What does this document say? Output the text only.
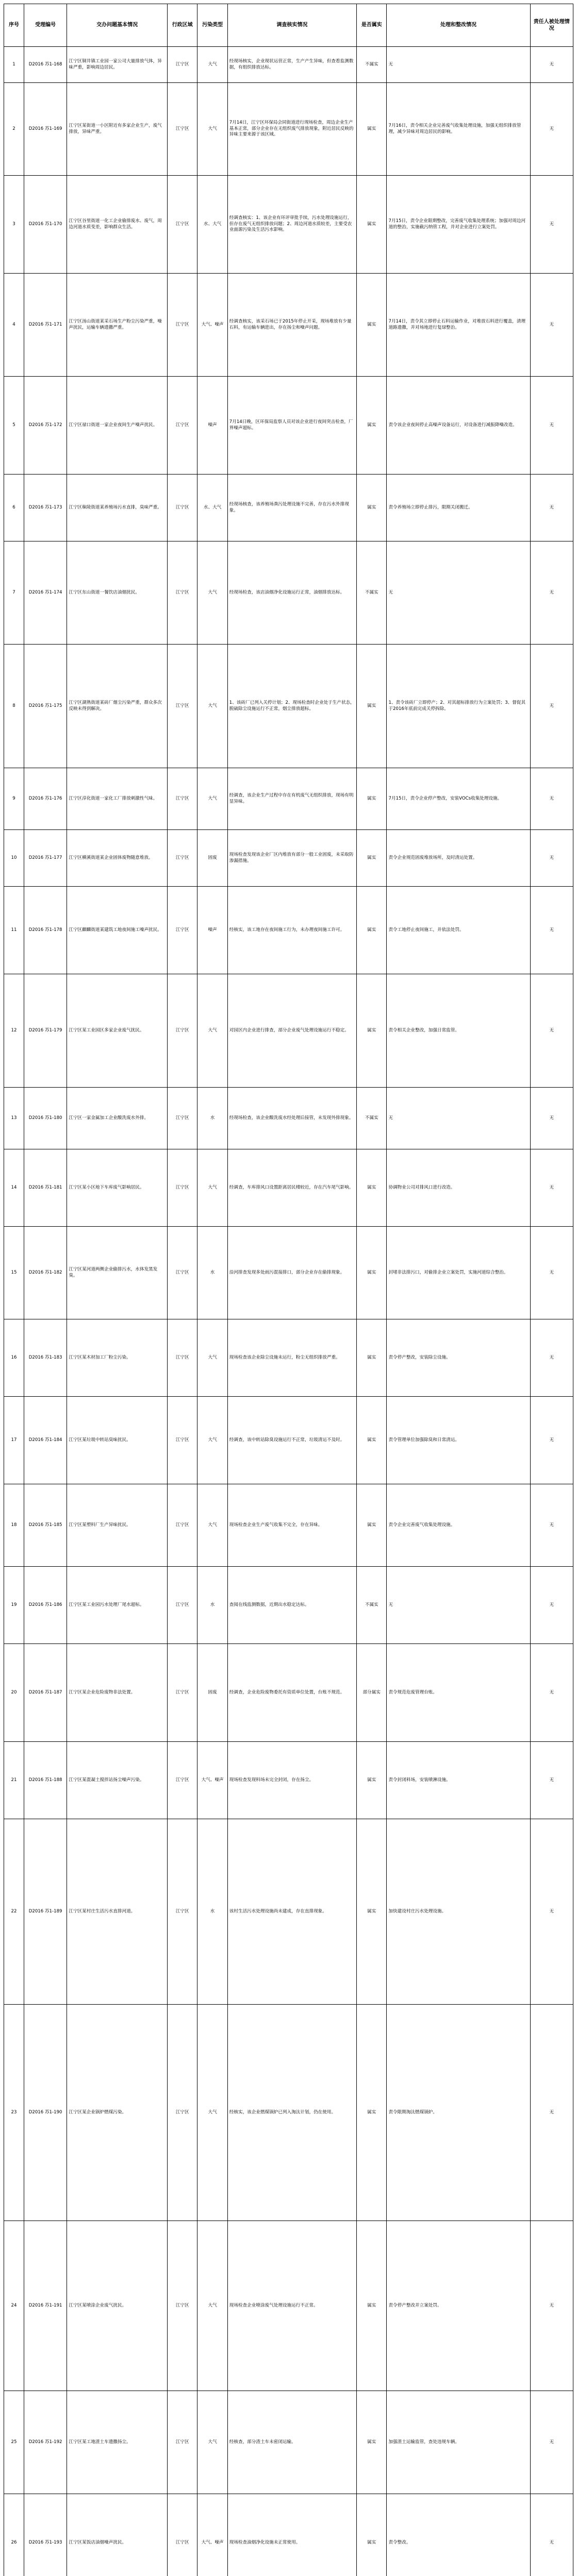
序号	受理编号	交办问题基本情况	行政区域	污染类型	调查核实情况	是否属实	处理和整改情况	责任人被处理情况
1	D2016 苏1-168	江宁区铜井镇工业园一家公司大量排放气体，异味严重，影响周边居民。	江宁区	大气	经现场核实，企业现状运营正常，生产产生异味，但查看监测数据，有组织排放达标。	不属实	无	无
2	D2016 苏1-169	江宁区某街道一小区附近有多家企业生产，废气排放，异味严重。	江宁区	大气	7月14日，江宁区环保局会同街道进行现场检查，周边企业生产基本正常，部分企业存在无组织废气排放现象，附近居民反映的异味主要来源于该区域。	属实	7月16日，责令相关企业完善废气收集处理设施，加强无组织排放管理，减少异味对周边居民的影响。	无
3	D2016 苏1-170	江宁区谷里街道一化工企业偷排废水、废气，周边河道水质变差，影响群众生活。	江宁区	水、大气	经调查核实：1、该企业有环评审批手续，污水处理设施运行，但存在废气无组织排放问题；2、周边河道水质较差，主要受农业面源污染及生活污水影响。	属实	7月15日，责令企业限期整改，完善废气收集处理系统；加强对周边河道的整治，实施截污纳管工程，并对企业进行立案处罚。	无
4	D2016 苏1-171	江宁区汤山街道某采石场生产粉尘污染严重，噪声扰民，运输车辆遗撒严重。	江宁区	大气、噪声	经调查核实，该采石场已于2015年停止开采，现场堆放有少量石料，有运输车辆进出，存在扬尘和噪声问题。	属实	7月14日，责令其立即停止石料运输作业，对堆放石料进行覆盖，清理道路遗撒，并对场地进行复绿整治。	无
5	D2016 苏1-172	江宁区禄口街道一家企业夜间生产噪声扰民。	江宁区	噪声	7月14日晚，区环保局监察人员对该企业进行夜间突击检查，厂界噪声超标。	属实	责令该企业夜间停止高噪声设备运行，对设备进行减振降噪改造。	无
6	D2016 苏1-173	江宁区秣陵街道某养殖场污水直排，臭味严重。	江宁区	水、大气	经现场核查，该养殖场粪污处理设施不完善，存在污水外排现象。	属实	责令养殖场立即停止排污，限期关闭搬迁。	无
7	D2016 苏1-174	江宁区东山街道一餐饮店油烟扰民。	江宁区	大气	经现场检查，该店油烟净化设施运行正常，油烟排放达标。	不属实	无	无
8	D2016 苏1-175	江宁区湖熟街道某砖厂烟尘污染严重，群众多次反映未得到解决。	江宁区	大气	1、该砖厂已列入关停计划；2、现场检查时企业处于生产状态，脱硫除尘设施运行不正常，烟尘排放超标。	属实	1、责令该砖厂立即停产；2、对其超标排放行为立案处罚；3、督促其于2016年底前完成关停拆除。	无
9	D2016 苏1-176	江宁区淳化街道一家化工厂排放刺激性气味。	江宁区	大气	经调查，该企业生产过程中存在有机废气无组织排放，现场有明显异味。	属实	7月15日，责令企业停产整改，安装VOCs收集处理设施。	无
10	D2016 苏1-177	江宁区横溪街道某企业固体废物随意堆放。	江宁区	固废	现场检查发现该企业厂区内堆放有部分一般工业固废，未采取防渗漏措施。	属实	责令企业规范固废堆放场所，及时清运处置。	无
11	D2016 苏1-178	江宁区麒麟街道某建筑工地夜间施工噪声扰民。	江宁区	噪声	经核实，该工地存在夜间施工行为，未办理夜间施工许可。	属实	责令工地停止夜间施工，并依法处罚。	无
12	D2016 苏1-179	江宁区某工业园区多家企业废气扰民。	江宁区	大气	对园区内企业进行排查，部分企业废气处理设施运行不稳定。	属实	责令相关企业整改，加强日常监管。	无
13	D2016 苏1-180	江宁区一家金属加工企业酸洗废水外排。	江宁区	水	经现场检查，该企业酸洗废水经处理后接管，未发现外排现象。	不属实	无	无
14	D2016 苏1-181	江宁区某小区地下车库废气影响居民。	江宁区	大气	经调查，车库排风口设置距离居民楼较近，存在汽车尾气影响。	属实	协调物业公司对排风口进行改造。	无
15	D2016 苏1-182	江宁区某河道两侧企业偷排污水，水体发黑发臭。	江宁区	水	沿河排查发现多处雨污混接排口，部分企业存在偷排现象。	属实	封堵非法排污口，对偷排企业立案处罚，实施河道综合整治。	无
16	D2016 苏1-183	江宁区某木材加工厂粉尘污染。	江宁区	大气	现场检查该企业除尘设施未运行，粉尘无组织排放严重。	属实	责令停产整改，安装除尘设施。	无
17	D2016 苏1-184	江宁区某垃圾中转站臭味扰民。	江宁区	大气	经调查，该中转站除臭设施运行不正常，垃圾清运不及时。	属实	责令管理单位加强除臭和日常清运。	无
18	D2016 苏1-185	江宁区某塑料厂生产异味扰民。	江宁区	大气	现场检查企业生产废气收集不完全，存在异味。	属实	责令企业完善废气收集处理设施。	无
19	D2016 苏1-186	江宁区某工业园污水处理厂尾水超标。	江宁区	水	查阅在线监测数据，近期出水稳定达标。	不属实	无	无
20	D2016 苏1-187	江宁区某企业危险废物非法处置。	江宁区	固废	经调查，企业危险废物委托有资质单位处置，台账不规范。	部分属实	责令规范危废管理台账。	无
21	D2016 苏1-188	江宁区某混凝土搅拌站扬尘噪声污染。	江宁区	大气、噪声	现场检查发现料场未完全封闭，存在扬尘。	属实	责令封闭料场，安装喷淋设施。	无
22	D2016 苏1-189	江宁区某村庄生活污水直排河道。	江宁区	水	该村生活污水处理设施尚未建成，存在直排现象。	属实	加快建设村庄污水处理设施。	无
23	D2016 苏1-190	江宁区某企业锅炉燃煤污染。	江宁区	大气	经核实，该企业燃煤锅炉已列入淘汰计划，仍在使用。	属实	责令限期淘汰燃煤锅炉。	无
24	D2016 苏1-191	江宁区某喷涂企业废气扰民。	江宁区	大气	现场检查企业喷涂废气处理设施运行不正常。	属实	责令停产整改并立案处罚。	无
25	D2016 苏1-192	江宁区某工地渣土车遗撒扬尘。	江宁区	大气	经核查，部分渣土车未密闭运输。	属实	加强渣土运输监管，查处违规车辆。	无
26	D2016 苏1-193	江宁区某饭店油烟噪声扰民。	江宁区	大气、噪声	现场检查油烟净化设施未正常使用。	属实	责令整改。	无
